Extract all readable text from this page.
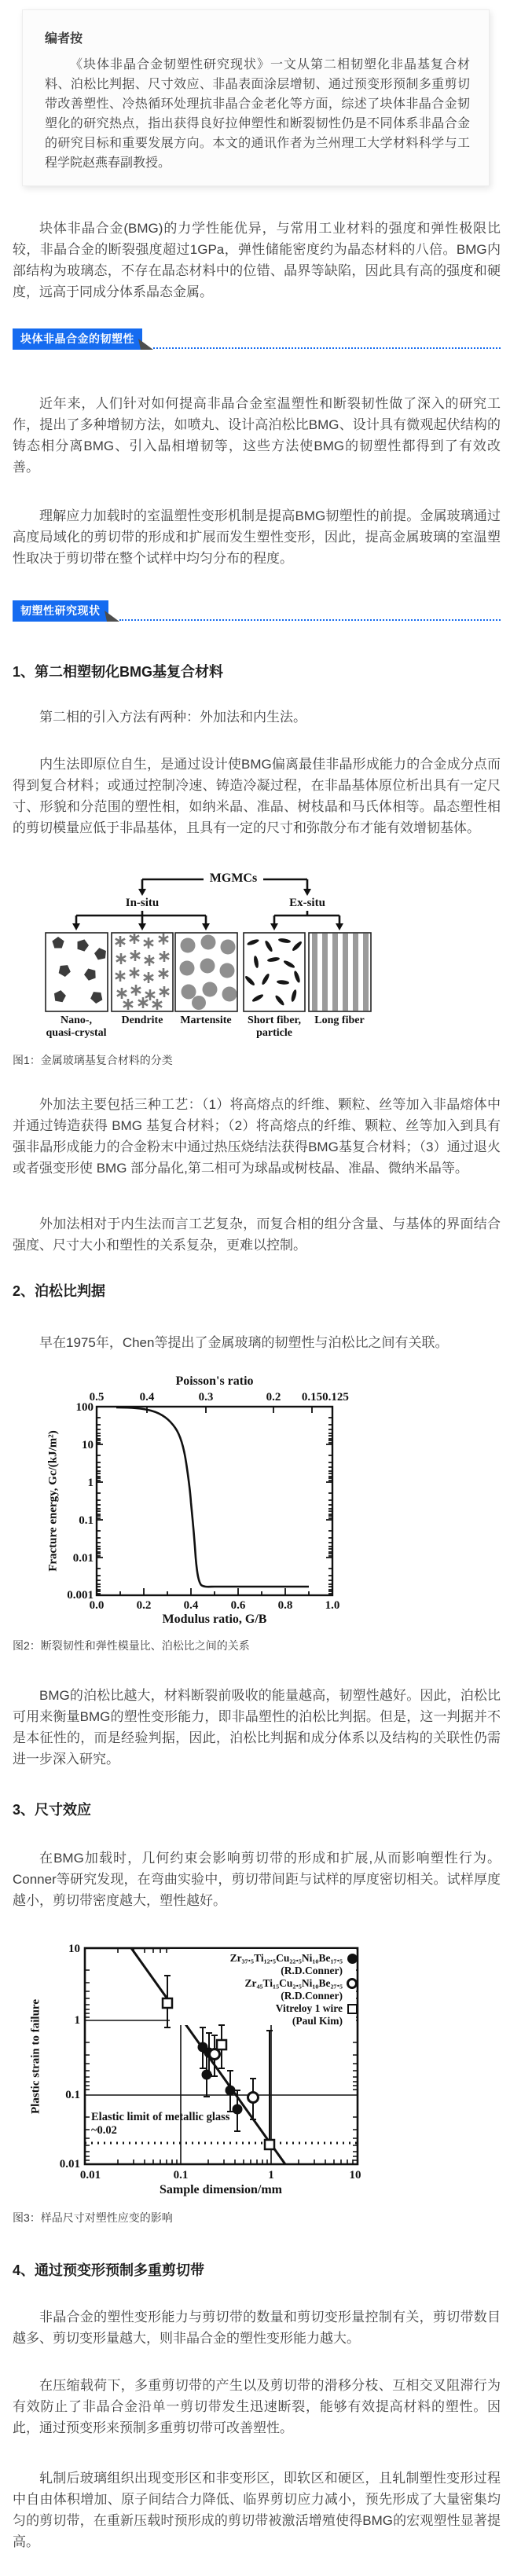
编者按
《块体非晶合金韧塑性研究现状》一文从第二相韧塑化非晶基复合材料、泊松比判据、尺寸效应、非晶表面涂层增韧、通过预变形预制多重剪切带改善塑性、冷热循环处理抗非晶合金老化等方面，综述了块体非晶合金韧塑化的研究热点，指出获得良好拉伸塑性和断裂韧性仍是不同体系非晶合金的研究目标和重要发展方向。本文的通讯作者为兰州理工大学材料科学与工程学院赵燕春副教授。
块体非晶合金(BMG)的力学性能优异，与常用工业材料的强度和弹性极限比较，非晶合金的断裂强度超过1GPa，弹性储能密度约为晶态材料的八倍。BMG内部结构为玻璃态，不存在晶态材料中的位错、晶界等缺陷，因此具有高的强度和硬度，远高于同成分体系晶态金属。
块体非晶合金的韧塑性
近年来，人们针对如何提高非晶合金室温塑性和断裂韧性做了深入的研究工作，提出了多种增韧方法，如喷丸、设计高泊松比BMG、设计具有微观起伏结构的铸态相分离BMG、引入晶相增韧等，这些方法使BMG的韧塑性都得到了有效改善。
理解应力加载时的室温塑性变形机制是提高BMG韧塑性的前提。金属玻璃通过高度局域化的剪切带的形成和扩展而发生塑性变形，因此，提高金属玻璃的室温塑性取决于剪切带在整个试样中均匀分布的程度。
韧塑性研究现状
1、第二相塑韧化BMG基复合材料
第二相的引入方法有两种：外加法和内生法。
内生法即原位自生，是通过设计使BMG偏离最佳非晶形成能力的合金成分点而得到复合材料；或通过控制冷速、铸造冷凝过程，在非晶基体原位析出具有一定尺寸、形貌和分范围的塑性相，如纳米晶、准晶、树枝晶和马氏体相等。晶态塑性相的剪切模量应低于非晶基体，且具有一定的尺寸和弥散分布才能有效增韧基体。
MGMCs
In-situ	Ex-situ
Nano-,
quasi-crystal
Dendrite	Martensite	Short fiber,
particle
Long fiber
图1：金属玻璃基复合材料的分类
外加法主要包括三种工艺：（1）将高熔点的纤维、颗粒、丝等加入非晶熔体中并通过铸造获得 BMG 基复合材料；（2）将高熔点的纤维、颗粒、丝等加入到具有强非晶形成能力的合金粉末中通过热压烧结法获得BMG基复合材料；（3）通过退火或者强变形使 BMG 部分晶化,第二相可为球晶或树枝晶、准晶、微纳米晶等。
外加法相对于内生法而言工艺复杂，而复合相的组分含量、与基体的界面结合强度、尺寸大小和塑性的关系复杂，更难以控制。
2、泊松比判据
早在1975年，Chen等提出了金属玻璃的韧塑性与泊松比之间有关联。
Poisson's ratio
0.5	0.4	0.3	0.2	0.15 0.125
100
10
1
0.1
0.01
0.001
0.0	0.2	0.4	0.6	0.8	1.0
Modulus ratio, G/B
Fracture energy, Gc/(kJ/m²)
图2：断裂韧性和弹性模量比、泊松比之间的关系
BMG的泊松比越大，材料断裂前吸收的能量越高，韧塑性越好。因此，泊松比可用来衡量BMG的塑性变形能力，即非晶塑性的泊松比判据。但是，这一判据并不是本征性的，而是经验判据，因此，泊松比判据和成分体系以及结构的关联性仍需进一步深入研究。
3、尺寸效应
在BMG加载时，几何约束会影响剪切带的形成和扩展,从而影响塑性行为。Conner等研究发现，在弯曲实验中，剪切带间距与试样的厚度密切相关。试样厚度越小，剪切带密度越大，塑性越好。
Zr₃₇.₅Ti₁₂.₅Cu₂₂.₅Ni₁₀Be₁₇.₅
(R.D.Conner)
Zr₄₅Ti₁₅Cu₂.₅Ni₁₀Be₂₇.₅
(R.D.Conner)
Vitreloy 1 wire
(Paul Kim)
Elastic limit of metallic glass ~0.02
10
1
0.1
0.01
0.01	0.1	1	10
Sample dimension/mm
Plastic strain to failure
图3：样品尺寸对塑性应变的影响
4、通过预变形预制多重剪切带
非晶合金的塑性变形能力与剪切带的数量和剪切变形量控制有关，剪切带数目越多、剪切变形量越大，则非晶合金的塑性变形能力越大。
在压缩载荷下，多重剪切带的产生以及剪切带的滑移分枝、互相交叉阻滞行为有效防止了非晶合金沿单一剪切带发生迅速断裂，能够有效提高材料的塑性。因此，通过预变形来预制多重剪切带可改善塑性。
轧制后玻璃组织出现变形区和非变形区，即软区和硬区，且轧制塑性变形过程中自由体积增加、原子间结合力降低、临界剪切应力减小，预先形成了大量密集均匀的剪切带，在重新压载时预形成的剪切带被激活增殖使得BMG的宏观塑性显著提高。
